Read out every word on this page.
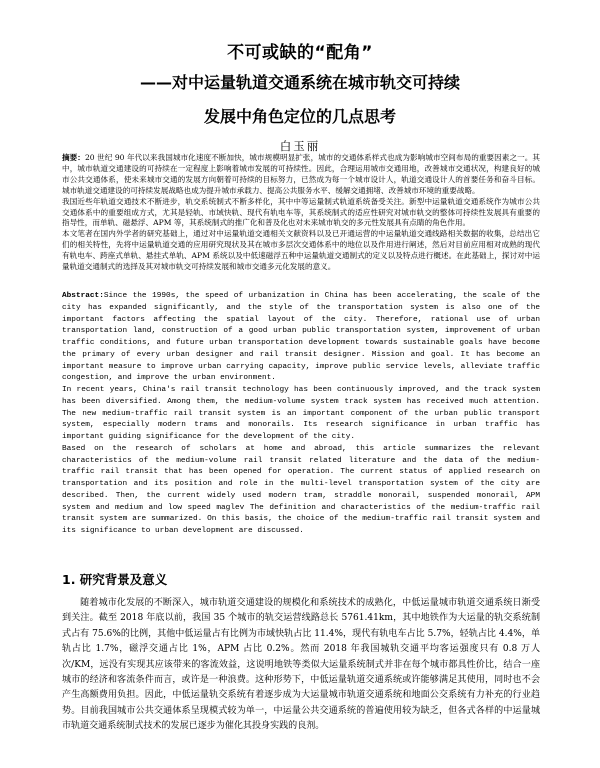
不可或缺的“配角”
——对中运量轨道交通系统在城市轨交可持续
发展中角色定位的几点思考
白玉丽

摘要：20 世纪 90 年代以来我国城市化速度不断加快，城市规模明显扩张，城市的交通体系样式也成为影响城市空间布局的重要因素之一。其中，城市轨道交通建设的可持续在一定程度上影响着城市发展的可持续性。因此，合理运用城市交通用地，改善城市交通状况，构建良好的城市公共交通体系，使未来城市交通的发展方向朝着可持续的目标努力，已然成为每一个城市设计人，轨道交通设计人的首要任务和奋斗目标。城市轨道交通建设的可持续发展战略也成为提升城市承载力、提高公共服务水平、缓解交通拥堵、改善城市环境的重要战略。

我国近些年轨道交通技术不断进步，轨交系统制式不断多样化，其中中等运量制式轨道系统备受关注。新型中运量轨道交通系统作为城市公共交通体系中的重要组成方式，尤其是轻轨、市域快轨、现代有轨电车等，其系统制式的适应性研究对城市轨交的整体可持续性发展具有重要的指导性，而单轨、磁悬浮、APM 等，其系统制式的推广化和普及化也对未来城市轨交的多元性发展具有点睛的角色作用。

本文笔者在国内外学者的研究基础上，通过对中运量轨道交通相关文献资料以及已开通运营的中运量轨道交通线路相关数据的收集，总结出它们的相关特性，先将中运量轨道交通的应用研究现状及其在城市多层次交通体系中的地位以及作用进行阐述，然后对目前应用相对成熟的现代有轨电车、跨座式单轨、悬挂式单轨、APM 系统以及中低速磁浮五种中运量轨道交通制式的定义以及特点进行概述。在此基础上，探讨对中运量轨道交通制式的选择及其对城市轨交可持续发展和城市交通多元化发展的意义。

Abstract:Since the 1990s, the speed of urbanization in China has been accelerating, the scale of the city has expanded significantly, and the style of the transportation system is also one of the important factors affecting the spatial layout of the city. Therefore, rational use of urban transportation land, construction of a good urban public transportation system, improvement of urban traffic conditions, and future urban transportation development towards sustainable goals have become the primary of every urban designer and rail transit designer. Mission and goal. It has become an important measure to improve urban carrying capacity, improve public service levels, alleviate traffic congestion, and improve the urban environment.

In recent years, China's rail transit technology has been continuously improved, and the track system has been diversified. Among them, the medium-volume system track system has received much attention. The new medium-traffic rail transit system is an important component of the urban public transport system, especially modern trams and monorails. Its research significance in urban traffic has important guiding significance for the development of the city.

Based on the research of scholars at home and abroad, this article summarizes the relevant characteristics of the medium-volume rail transit related literature and the data of the medium-traffic rail transit that has been opened for operation. The current status of applied research on transportation and its position and role in the multi-level transportation system of the city are described. Then, the current widely used modern tram, straddle monorail, suspended monorail, APM system and medium and low speed maglev The definition and characteristics of the medium-traffic rail transit system are summarized. On this basis, the choice of the medium-traffic rail transit system and its significance to urban development are discussed.

1. 研究背景及意义

随着城市化发展的不断深入，城市轨道交通建设的规模化和系统技术的成熟化，中低运量城市轨道交通系统日渐受到关注。截至 2018 年底以前，我国 35 个城市的轨交运营线路总长 5761.41km，其中地铁作为大运量的轨交系统制式占有 75.6%的比例，其他中低运量占有比例为市域快轨占比 11.4%，现代有轨电车占比 5.7%，轻轨占比 4.4%，单轨占比 1.7%，磁浮交通占比 1%，APM 占比 0.2%。然而 2018 年我国城轨交通平均客运强度只有 0.8 万人次/KM，远没有实现其应该带来的客流效益，这说明地铁等类似大运量系统制式并非在每个城市都具性价比，结合一座城市的经济和客流条件而言，或许是一种浪费。这种形势下，中低运量轨道交通系统或许能够满足其使用，同时也不会产生高额费用负担。因此，中低运量轨交系统有着逐步成为大运量城市轨道交通系统和地面公交系统有力补充的行业趋势。目前我国城市公共交通体系呈现模式较为单一，中运量公共交通系统的普遍使用较为缺乏，但各式各样的中运量城市轨道交通系统制式技术的发展已逐步为催化其投身实践的良剂。
